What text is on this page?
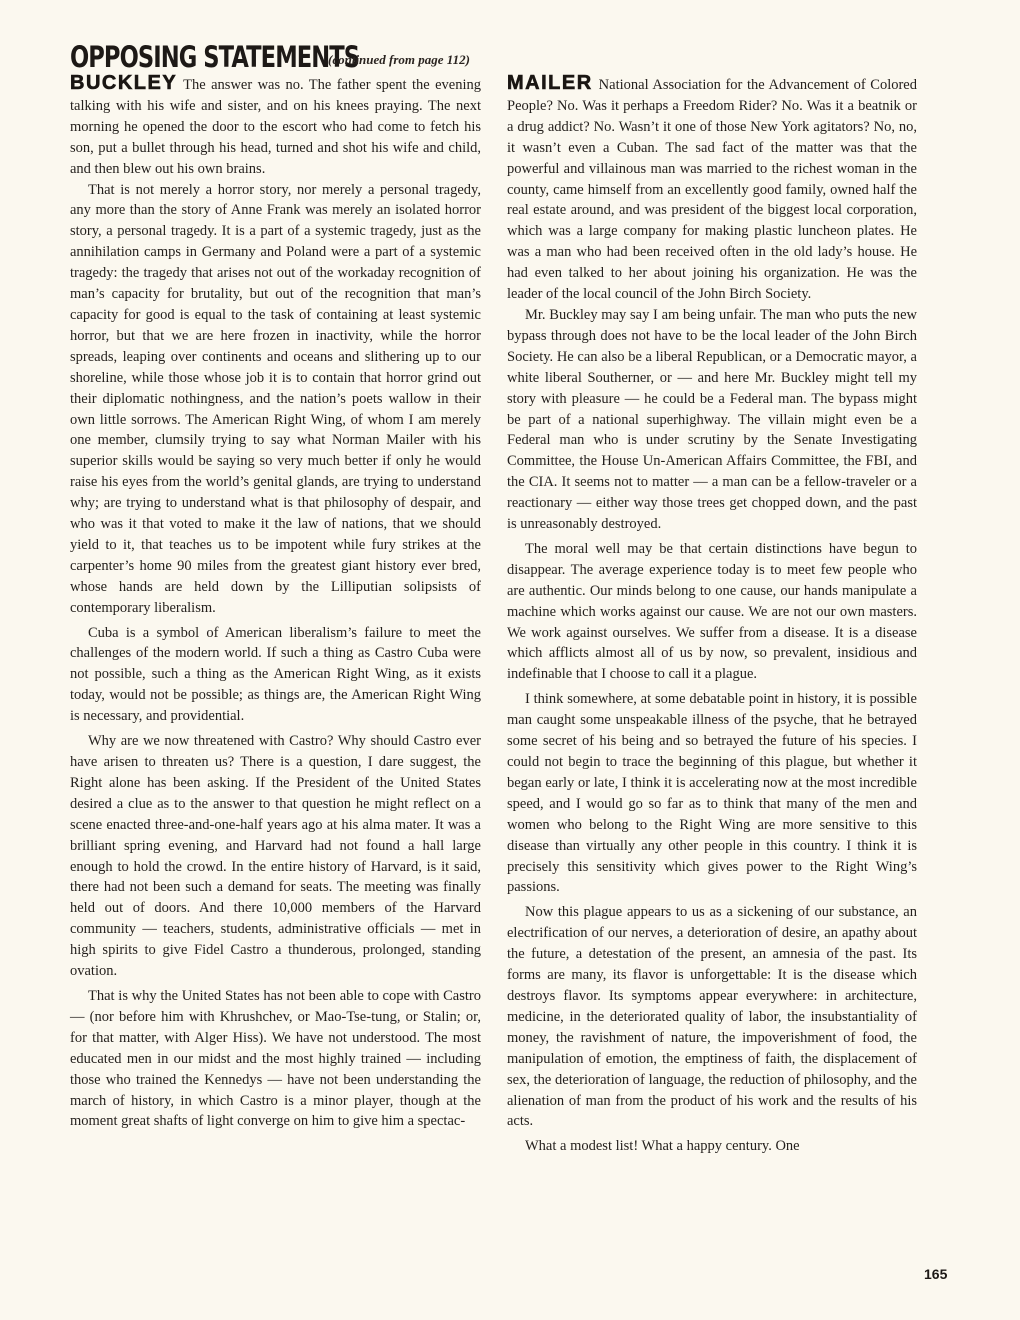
OPPOSING STATEMENTS
(continued from page 112)

BUCKLEY The answer was no. The father spent the evening talking with his wife and sister, and on his knees praying. The next morning he opened the door to the escort who had come to fetch his son, put a bullet through his head, turned and shot his wife and child, and then blew out his own brains.

That is not merely a horror story, nor merely a personal tragedy, any more than the story of Anne Frank was merely an isolated horror story, a personal tragedy. It is a part of a systemic tragedy, just as the annihilation camps in Germany and Poland were a part of a systemic tragedy: the tragedy that arises not out of the workaday recognition of man’s capacity for brutality, but out of the recognition that man’s capacity for good is equal to the task of containing at least systemic horror, but that we are here frozen in inactivity, while the horror spreads, leaping over continents and oceans and slithering up to our shoreline, while those whose job it is to contain that horror grind out their diplomatic nothingness, and the nation’s poets wallow in their own little sorrows. The American Right Wing, of whom I am merely one member, clumsily trying to say what Norman Mailer with his superior skills would be saying so very much better if only he would raise his eyes from the world’s genital glands, are trying to understand why; are trying to understand what is that philosophy of despair, and who was it that voted to make it the law of nations, that we should yield to it, that teaches us to be impotent while fury strikes at the carpenter’s home 90 miles from the greatest giant history ever bred, whose hands are held down by the Lilliputian solipsists of contemporary liberalism.

Cuba is a symbol of American liberalism’s failure to meet the challenges of the modern world. If such a thing as Castro Cuba were not possible, such a thing as the American Right Wing, as it exists today, would not be possible; as things are, the American Right Wing is necessary, and providential.

Why are we now threatened with Castro? Why should Castro ever have arisen to threaten us? There is a question, I dare suggest, the Right alone has been asking. If the President of the United States desired a clue as to the answer to that question he might reflect on a scene enacted three-and-one-half years ago at his alma mater. It was a brilliant spring evening, and Harvard had not found a hall large enough to hold the crowd. In the entire history of Harvard, is it said, there had not been such a demand for seats. The meeting was finally held out of doors. And there 10,000 members of the Harvard community — teachers, students, administrative officials — met in high spirits to give Fidel Castro a thunderous, prolonged, standing ovation.

That is why the United States has not been able to cope with Castro — (nor before him with Khrushchev, or Mao-Tse-tung, or Stalin; or, for that matter, with Alger Hiss). We have not understood. The most educated men in our midst and the most highly trained — including those who trained the Kennedys — have not been understanding the march of history, in which Castro is a minor player, though at the moment great shafts of light converge on him to give him a spectac-

MAILER National Association for the Advancement of Colored People? No. Was it perhaps a Freedom Rider? No. Was it a beatnik or a drug addict? No. Wasn’t it one of those New York agitators? No, no, it wasn’t even a Cuban. The sad fact of the matter was that the powerful and villainous man was married to the richest woman in the county, came himself from an excellently good family, owned half the real estate around, and was president of the biggest local corporation, which was a large company for making plastic luncheon plates. He was a man who had been received often in the old lady’s house. He had even talked to her about joining his organization. He was the leader of the local council of the John Birch Society.

Mr. Buckley may say I am being unfair. The man who puts the new bypass through does not have to be the local leader of the John Birch Society. He can also be a liberal Republican, or a Democratic mayor, a white liberal Southerner, or — and here Mr. Buckley might tell my story with pleasure — he could be a Federal man. The bypass might be part of a national superhighway. The villain might even be a Federal man who is under scrutiny by the Senate Investigating Committee, the House Un-American Affairs Committee, the FBI, and the CIA. It seems not to matter — a man can be a fellow-traveler or a reactionary — either way those trees get chopped down, and the past is unreasonably destroyed.

The moral well may be that certain distinctions have begun to disappear. The average experience today is to meet few people who are authentic. Our minds belong to one cause, our hands manipulate a machine which works against our cause. We are not our own masters. We work against ourselves. We suffer from a disease. It is a disease which afflicts almost all of us by now, so prevalent, insidious and indefinable that I choose to call it a plague.

I think somewhere, at some debatable point in history, it is possible man caught some unspeakable illness of the psyche, that he betrayed some secret of his being and so betrayed the future of his species. I could not begin to trace the beginning of this plague, but whether it began early or late, I think it is accelerating now at the most incredible speed, and I would go so far as to think that many of the men and women who belong to the Right Wing are more sensitive to this disease than virtually any other people in this country. I think it is precisely this sensitivity which gives power to the Right Wing’s passions.

Now this plague appears to us as a sickening of our substance, an electrification of our nerves, a deterioration of desire, an apathy about the future, a detestation of the present, an amnesia of the past. Its forms are many, its flavor is unforgettable: It is the disease which destroys flavor. Its symptoms appear everywhere: in architecture, medicine, in the deteriorated quality of labor, the insubstantiality of money, the ravishment of nature, the impoverishment of food, the manipulation of emotion, the emptiness of faith, the displacement of sex, the deterioration of language, the reduction of philosophy, and the alienation of man from the product of his work and the results of his acts.

What a modest list! What a happy century. One

165
